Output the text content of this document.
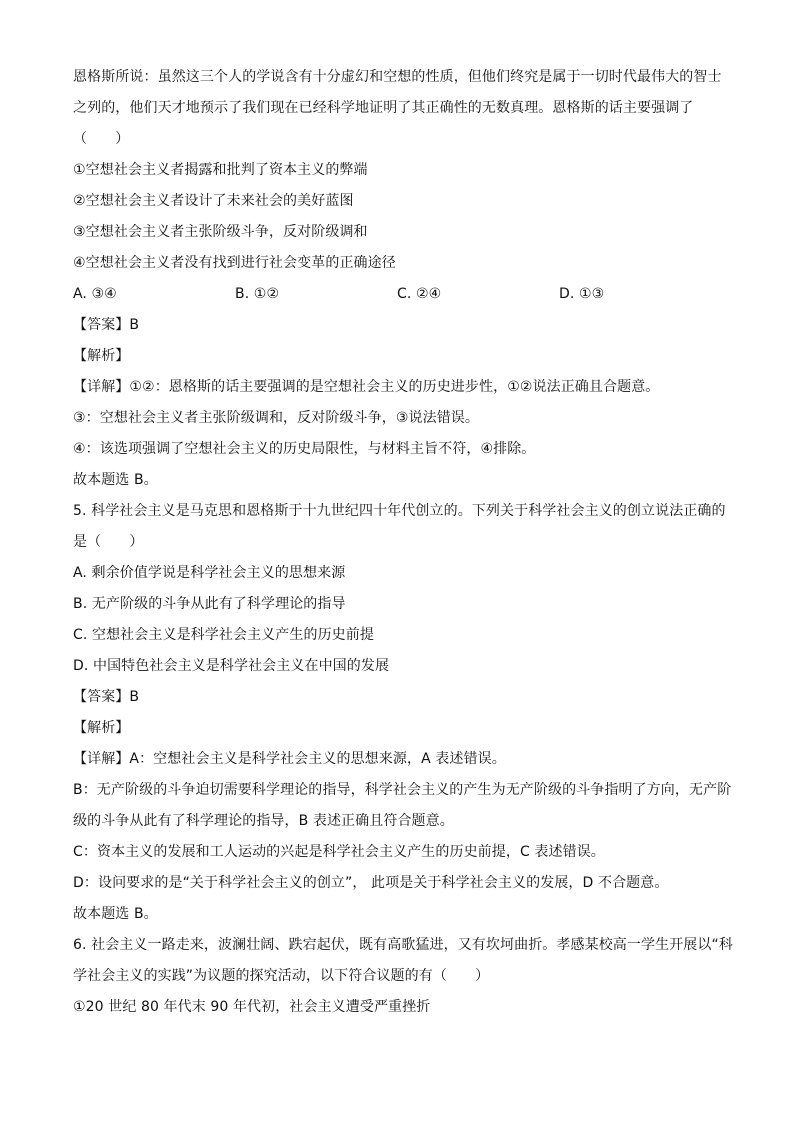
恩格斯所说：虽然这三个人的学说含有十分虚幻和空想的性质，但他们终究是属于一切时代最伟大的智士
之列的，他们天才地预示了我们现在已经科学地证明了其正确性的无数真理。恩格斯的话主要强调了
（　　）
①空想社会主义者揭露和批判了资本主义的弊端
②空想社会主义者设计了未来社会的美好蓝图
③空想社会主义者主张阶级斗争，反对阶级调和
④空想社会主义者没有找到进行社会变革的正确途径
A. ③④	B. ①②	C. ②④	D. ①③
【答案】B
【解析】
【详解】①②：恩格斯的话主要强调的是空想社会主义的历史进步性，①②说法正确且合题意。
③：空想社会主义者主张阶级调和，反对阶级斗争，③说法错误。
④：该选项强调了空想社会主义的历史局限性，与材料主旨不符，④排除。
故本题选 B。
5. 科学社会主义是马克思和恩格斯于十九世纪四十年代创立的。下列关于科学社会主义的创立说法正确的
是（　　）
A. 剩余价值学说是科学社会主义的思想来源
B. 无产阶级的斗争从此有了科学理论的指导
C. 空想社会主义是科学社会主义产生的历史前提
D. 中国特色社会主义是科学社会主义在中国的发展
【答案】B
【解析】
【详解】A：空想社会主义是科学社会主义的思想来源，A 表述错误。
B：无产阶级的斗争迫切需要科学理论的指导，科学社会主义的产生为无产阶级的斗争指明了方向，无产阶
级的斗争从此有了科学理论的指导，B 表述正确且符合题意。
C：资本主义的发展和工人运动的兴起是科学社会主义产生的历史前提，C 表述错误。
D：设问要求的是“关于科学社会主义的创立”， 此项是关于科学社会主义的发展，D 不合题意。
故本题选 B。
6. 社会主义一路走来，波澜壮阔、跌宕起伏，既有高歌猛进，又有坎坷曲折。孝感某校高一学生开展以“科
学社会主义的实践”为议题的探究活动，以下符合议题的有（　　）
①20 世纪 80 年代末 90 年代初，社会主义遭受严重挫折
